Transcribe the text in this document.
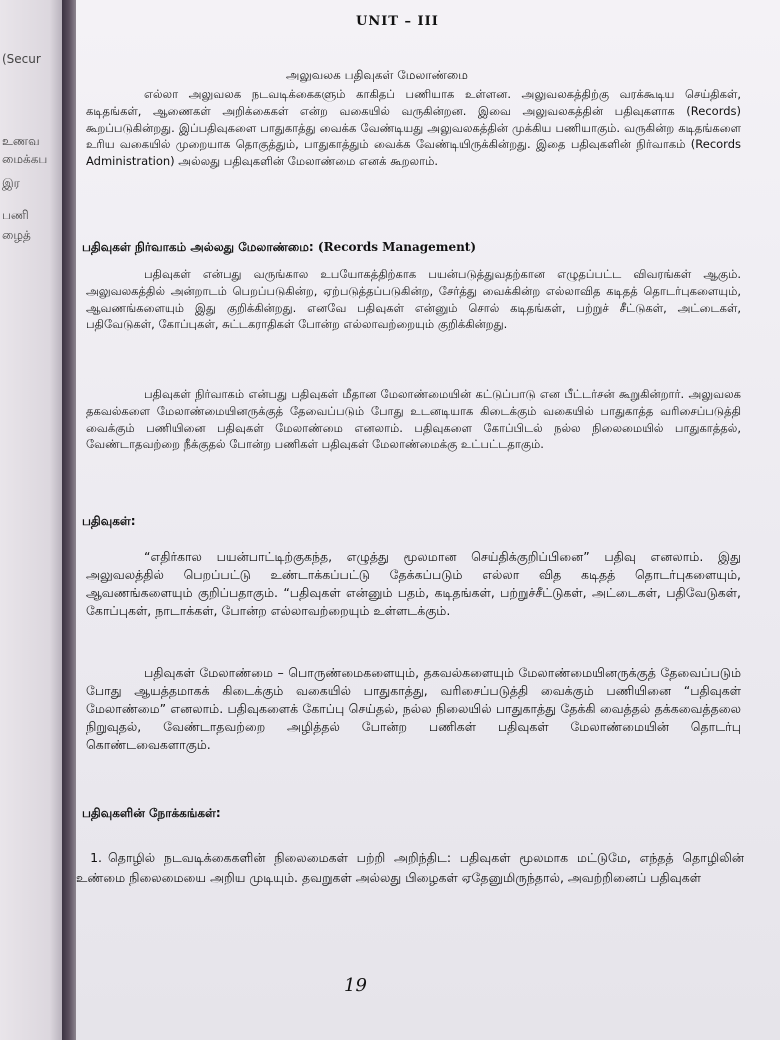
(Secur
உணவ
மைக்கப
இர
பணி
ழைத்
UNIT – III
அலுவலக பதிவுகள் மேலாண்மை
எல்லா அலுவலக நடவடிக்கைகளும் காகிதப் பணியாக உள்ளன. அலுவலகத்திற்கு வரக்கூடிய செய்திகள், கடிதங்கள், ஆணைகள் அறிக்கைகள் என்ற வகையில் வருகின்றன. இவை அலுவலகத்தின் பதிவுகளாக (Records) கூறப்படுகின்றது. இப்பதிவுகளை பாதுகாத்து வைக்க வேண்டியது அலுவலகத்தின் முக்கிய பணியாகும். வருகின்ற கடிதங்களை உரிய வகையில் முறையாக தொகுத்தும், பாதுகாத்தும் வைக்க வேண்டியிருக்கின்றது. இதை பதிவுகளின் நிர்வாகம் (Records Administration) அல்லது பதிவுகளின் மேலாண்மை எனக் கூறலாம்.
பதிவுகள் நிர்வாகம் அல்லது மேலாண்மை: (Records Management)
பதிவுகள் என்பது வருங்கால உபயோகத்திற்காக பயன்படுத்துவதற்கான எழுதப்பட்ட விவரங்கள் ஆகும். அலுவலகத்தில் அன்றாடம் பெறப்படுகின்ற, ஏற்படுத்தப்படுகின்ற, சேர்த்து வைக்கின்ற எல்லாவித கடிதத் தொடர்புகளையும், ஆவணங்களையும் இது குறிக்கின்றது. எனவே பதிவுகள் என்னும் சொல் கடிதங்கள், பற்றுச் சீட்டுகள், அட்டைகள், பதிவேடுகள், கோப்புகள், சுட்டகராதிகள் போன்ற எல்லாவற்றையும் குறிக்கின்றது.
பதிவுகள் நிர்வாகம் என்பது பதிவுகள் மீதான மேலாண்மையின் கட்டுப்பாடு என பீட்டர்சன் கூறுகின்றார். அலுவலக தகவல்களை மேலாண்மையினருக்குத் தேவைப்படும் போது உடனடியாக கிடைக்கும் வகையில் பாதுகாத்த வரிசைப்படுத்தி வைக்கும் பணியினை பதிவுகள் மேலாண்மை எனலாம். பதிவுகளை கோப்பிடல் நல்ல நிலைமையில் பாதுகாத்தல், வேண்டாதவற்றை நீக்குதல் போன்ற பணிகள் பதிவுகள் மேலாண்மைக்கு உட்பட்டதாகும்.
பதிவுகள்:
“எதிர்கால பயன்பாட்டிற்குகந்த, எழுத்து மூலமான செய்திக்குறிப்பினை” பதிவு எனலாம். இது அலுவலத்தில் பெறப்பட்டு உண்டாக்கப்பட்டு தேக்கப்படும் எல்லா வித கடிதத் தொடர்புகளையும், ஆவணங்களையும் குறிப்பதாகும். “பதிவுகள் என்னும் பதம், கடிதங்கள், பற்றுச்சீட்டுகள், அட்டைகள், பதிவேடுகள், கோப்புகள், நாடாக்கள், போன்ற எல்லாவற்றையும் உள்ளடக்கும்.
பதிவுகள் மேலாண்மை – பொருண்மைகளையும், தகவல்களையும் மேலாண்மையினருக்குத் தேவைப்படும் போது ஆயத்தமாகக் கிடைக்கும் வகையில் பாதுகாத்து, வரிசைப்படுத்தி வைக்கும் பணியினை “பதிவுகள் மேலாண்மை” எனலாம். பதிவுகளைக் கோப்பு செய்தல், நல்ல நிலையில் பாதுகாத்து தேக்கி வைத்தல் தக்கவைத்தலை நிறுவுதல், வேண்டாதவற்றை அழித்தல் போன்ற பணிகள் பதிவுகள் மேலாண்மையின் தொடர்பு கொண்டவைகளாகும்.
பதிவுகளின் நோக்கங்கள்:
1. தொழில் நடவடிக்கைகளின் நிலைமைகள் பற்றி அறிந்திட: பதிவுகள் மூலமாக மட்டுமே, எந்தத் தொழிலின் உண்மை நிலைமையை அறிய முடியும். தவறுகள் அல்லது பிழைகள் ஏதேனுமிருந்தால், அவற்றினைப் பதிவுகள்
19
